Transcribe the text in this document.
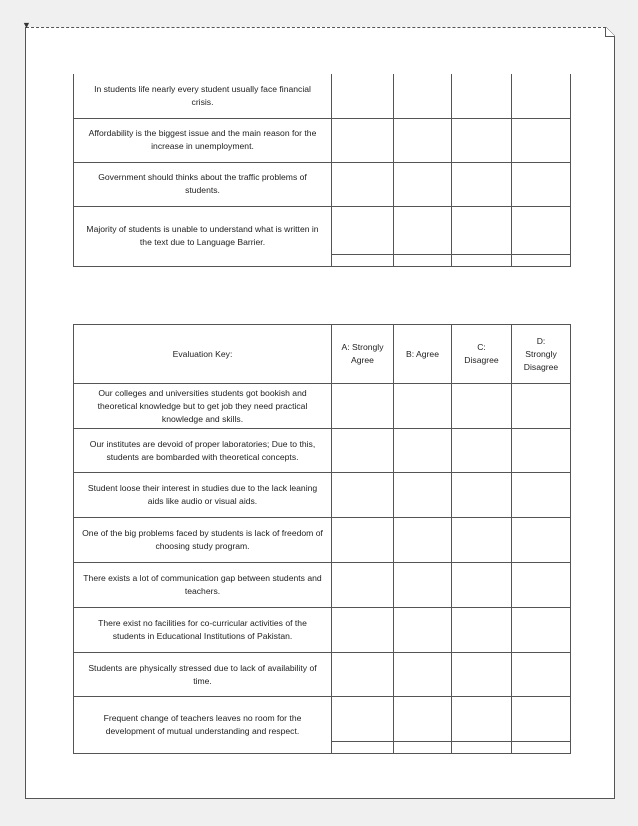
▼
In students life nearly every student usually face financial crisis.				
Affordability is the biggest issue and the main reason for the increase in unemployment.				
Government should thinks about the traffic problems of students.				
Majority of students is unable to understand what is written in the text due to Language Barrier.				

Evaluation Key:	A: Strongly Agree	B: Agree	C: Disagree	D: Strongly Disagree
Our colleges and universities students got bookish and theoretical knowledge but to get job they need practical knowledge and skills.				
Our institutes are devoid of proper laboratories; Due to this, students are bombarded with theoretical concepts.				
Student loose their interest in studies due to the lack leaning aids like audio or visual aids.				
One of the big problems faced by students is lack of freedom of choosing study program.				
There exists a lot of communication gap between students and teachers.				
There exist no facilities for co-curricular activities of the students in Educational Institutions of Pakistan.				
Students are physically stressed due to lack of availability of time.				
Frequent change of teachers leaves no room for the development of mutual understanding and respect.				
